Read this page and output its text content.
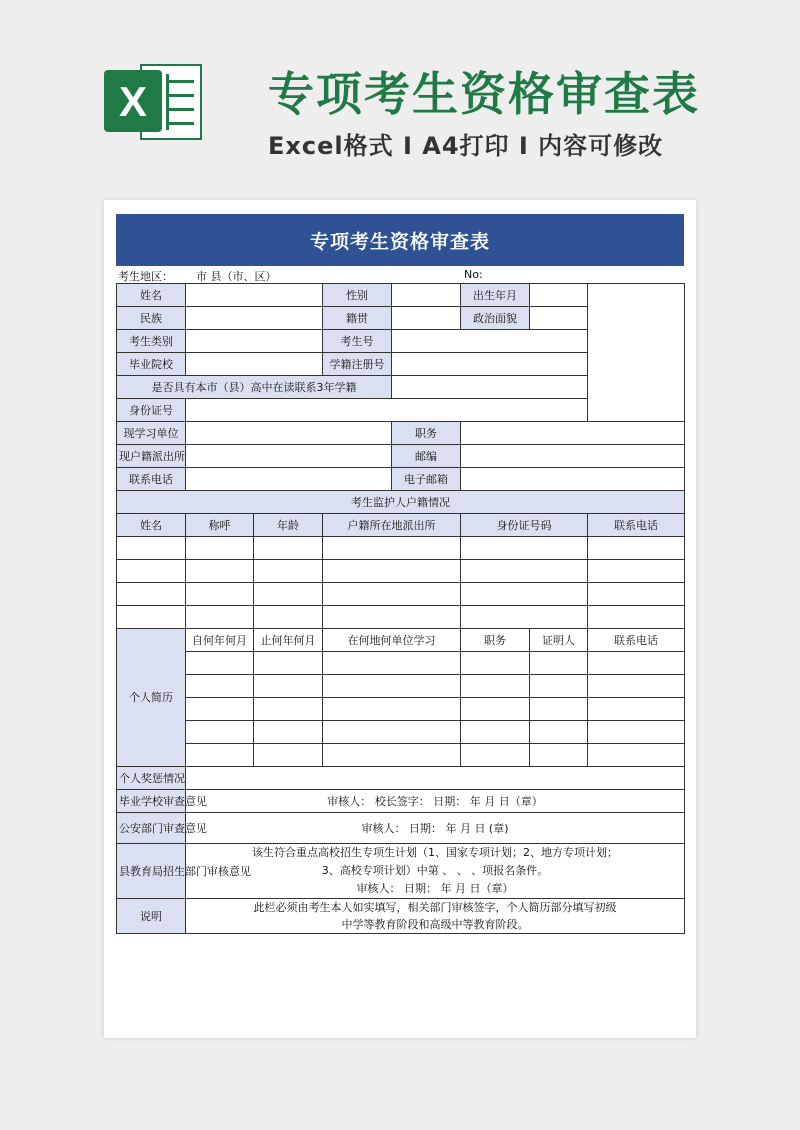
X	专项考生资格审查表
Excel格式 I A4打印 I 内容可修改
专项考生资格审查表
考生地区： 市 县（市、区）	No:
姓名			性别		出生年月		
民族			籍贯		政治面貌		
考生类别			考生号				
毕业院校			学籍注册号				
是否具有本市（县）高中在读联系3年学籍							
身份证号							
现学习单位				职务			
现户籍派出所				邮编			
联系电话				电子邮箱			
考生监护人户籍情况							
姓名	称呼	年龄	户籍所在地派出所		身份证号码		联系电话

个人简历	自何年何月	止何年何月	在何地何单位学习		职务	证明人	联系电话

个人奖惩情况							
毕业学校审查意见	审核人： 校长签字： 日期： 年 月 日（章）						

公安部门审查意见	审核人： 日期： 年 月 日 (章)						

县教育局招生部门审核意见	该生符合重点高校招生专项生计划（1、国家专项计划；2、地方专项计划；
3、高校专项计划）中第 、 、 、项报名条件。
审核人： 日期： 年 月 日（章）						

说明	此栏必须由考生本人如实填写，相关部门审核签字，个人简历部分填写初级
中学等教育阶段和高级中等教育阶段。						
